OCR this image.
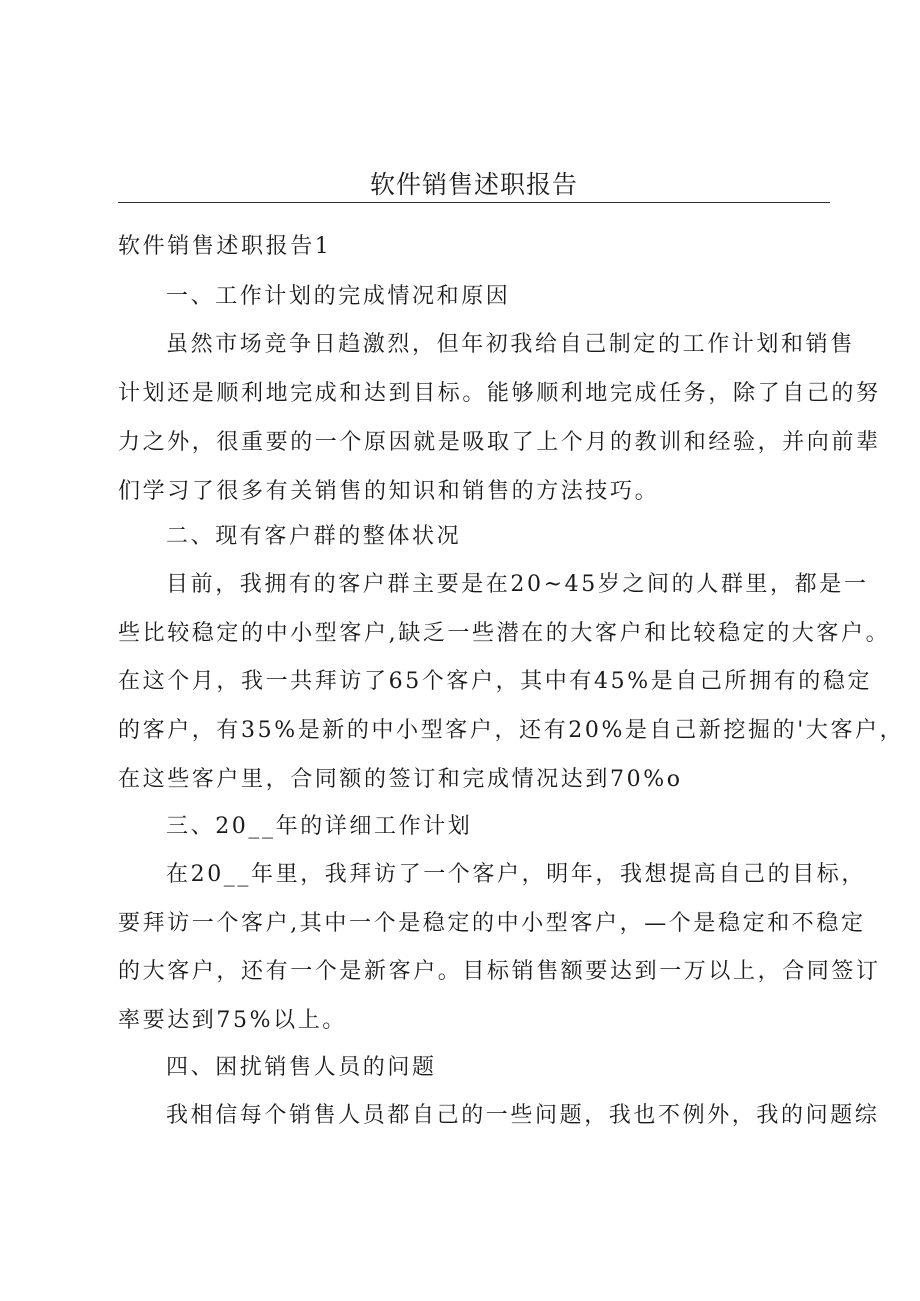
软件销售述职报告
软件销售述职报告1
一、工作计划的完成情况和原因
虽然市场竞争日趋激烈，但年初我给自己制定的工作计划和销售
计划还是顺利地完成和达到目标。能够顺利地完成任务，除了自己的努
力之外，很重要的一个原因就是吸取了上个月的教训和经验，并向前辈
们学习了很多有关销售的知识和销售的方法技巧。
二、现有客户群的整体状况
目前，我拥有的客户群主要是在20~45岁之间的人群里，都是一
些比较稳定的中小型客户,缺乏一些潜在的大客户和比较稳定的大客户。
在这个月，我一共拜访了65个客户，其中有45%是自己所拥有的稳定
的客户，有35%是新的中小型客户，还有20%是自己新挖掘的'大客户，
在这些客户里，合同额的签订和完成情况达到70%o
三、20__年的详细工作计划
在20__年里，我拜访了一个客户，明年，我想提高自己的目标，
要拜访一个客户,其中一个是稳定的中小型客户，—个是稳定和不稳定
的大客户，还有一个是新客户。目标销售额要达到一万以上，合同签订
率要达到75%以上。
四、困扰销售人员的问题
我相信每个销售人员都自己的一些问题，我也不例外，我的问题综
